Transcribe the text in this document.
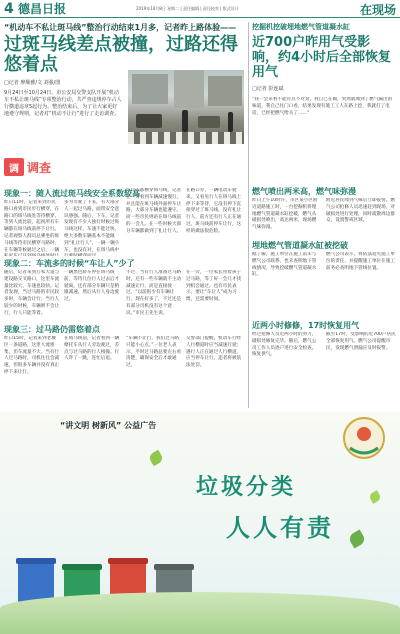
4 德昌日报	2019年10月8日 星期二 | 责任编辑 | 责任校对 | 版式设计	在现场
“机动车不私让斑马线”整治行动结束1月多，记者昨上路体验——
过斑马线差点被撞，过路还得悠着点
□记者 廖顺雅/文 刘强/图
9月24日至10月24日，市公安局交警支队开展“机动车不私让斑马线”专项整治行动，共严查违规停车占人行横道违章5起行为。整治结束后，为了让大家更好地遵守规则，记者对“机动不让行”进行了走访调查。
调 调查
现象一：随人流过斑马线安全系数较高
昨日11时，记者来到市民路口看到市民步行横穿，在路口的斑马线处等待横穿。等到人流比较，起初所有车辆都在斑马线前停下让行。记者观察人群员总乘坐的斑马线等待市民横穿马路时，在车辆等候通过之后，一辆
多为非驶了下来，有大部分人一起过马路，面带安全意识感强。随后，下车，记者发现有不少人独行时候过斑马线这样，车速不能过快，绝大多数车辆基本不能做到“礼让行人”，一辆一辆小车，也没有对，在斑马线中
许行人都横穿斑马线，记者在一旁看到车辆减速慢行，并且能在斑马线外面停车让路，大部分车辆也能遵守。而一些市民则站在斑马线前的一会儿。在一些时候大部分车辆都做到了礼让行人。
在路口旁，一辆电动车驶来，又看见行人在斑马线上停下来等待，它没有停下直接穿过了斑马线，没有礼让行人，前方还有行人正在通过。斑马线前停车让行，这样的做法很危险。
现象二：车流多的时候“车让人”少了
随后，记者来到万家大道与建设路交叉路口，这里车流量比较大，车速也较快。记者发现，当过马路的市民较多时，车辆会让行；当行人较少的时候，车辆则不会让行，行人只能等着。
一辆黑色轿车停在斑马线前，等待几位行人过去后才驶离。还有部分车辆只是稍微减速，然后从行人身边驶过。
不过，当有行人准备过马路时，还有一些车辆就不主动减速让行，而是直接驶过。“以前很少有车辆让行，现在好多了，不过还是有部分司机没有这个意识。”市民王先生说。
在一旁，一位家长带着孩子过马路，等了好一会儿才找到机会通过。也有市民表示，要让“车让人”成为习惯，还需要时间。
现象三：过马路仍需悠着点
昨日15时，记者来到老城区一条道路，这里人流密集，但车流量不大。当有行人过马路时，司机往往会减速，但很多车辆并没有真正停下来让行。
在斑马线前，记者看到一辆摩托车从行人旁边驶过，差点与过马路的行人相撞。行人吓了一跳，连忙后退。
“车辆不让行，我们过马路只能小心点。”一位老人表示，平时过马路总要左右看清楚，确保安全后才敢通过。
交警部门提醒，机动车行经人行横道时应当减速行驶；遇行人正在通过人行横道，应当停车让行。违者将被依法处罚。
挖掘机挖破埋地燃气管道凝水缸
近700户昨用气受影响，约4小时后全部恢复用气
□记者 彭连斌
“我一会来看不能有点不对劲，我自己在做，突然就闻到了燃气漏出的味道，我自己往门口看，结果发现有施工工人在路上挖，我就打了电话，已经把燃气给关了……”
燃气喷出两米高，燃气味弥漫
昨日上午10时许，市区某小区附近道路施工时，一台挖掘机将埋地燃气管道凝水缸挖破，燃气从破损处喷出，高达两米，现场燃气味弥漫。
附近居民闻到气味后立即报警。燃气公司抢修人员迅速赶到现场，对破损处进行处理，同时疏散周边群众，设置警戒区域。
埋地燃气管道凝水缸被挖破
据了解，施工单位在施工前未与燃气公司联系，也未查明地下管线情况，导致挖破燃气管道凝水缸。
燃气公司表示，将依法追究施工单位的责任，并提醒施工单位在施工前务必查明地下管线位置。
近两小时修修，17时恢复用气
经过抢修人员近两小时的努力，破损处修复完毕。随后，燃气公司工作人员逐户进行安全检查，恢复供气。
截至17时，受影响的近700户居民全部恢复用气。燃气公司提醒市民，发现燃气泄漏应及时报警。
“讲文明 树新风” 公益广告
垃圾分类
人人有责
